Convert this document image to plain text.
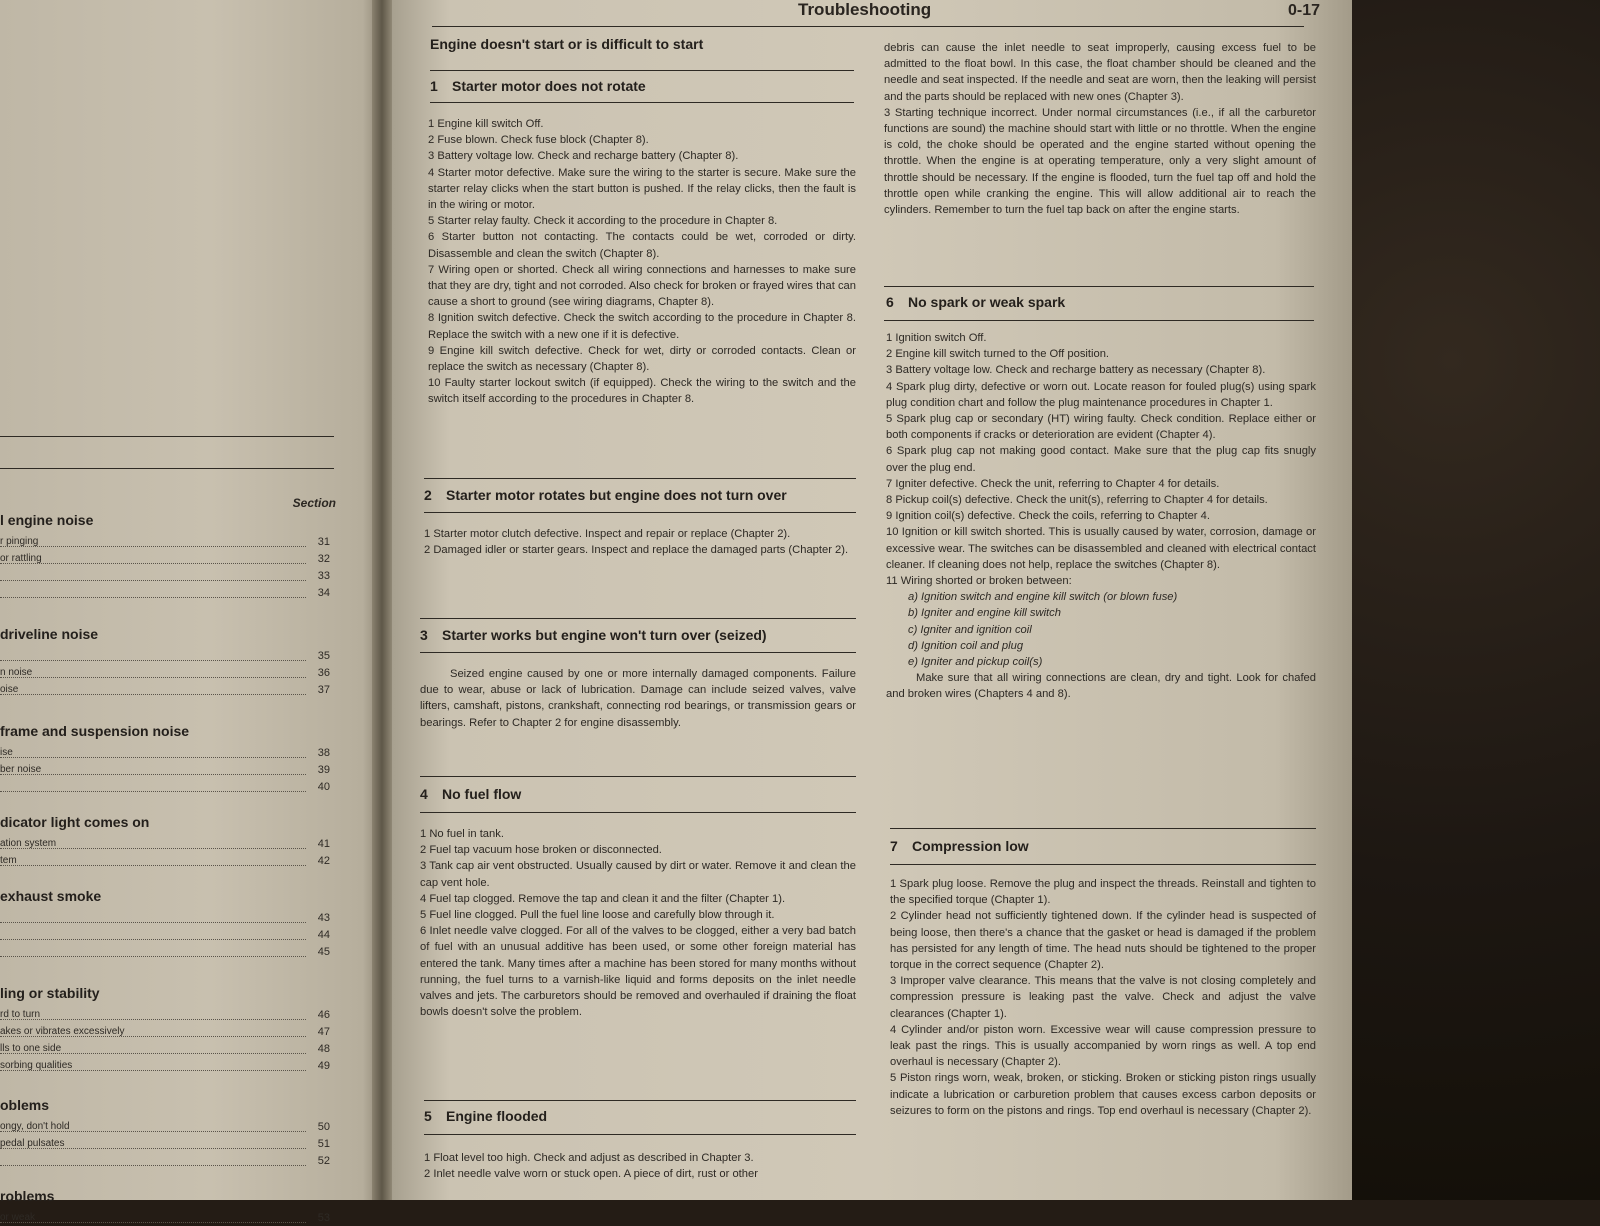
Section
l engine noise
r pinging	31
or rattling	32
33
34
driveline noise
35
n noise	36
oise	37
frame and suspension noise
ise	38
ber noise	39
40
dicator light comes on
ation system	41
tem	42
exhaust smoke
43
44
45
ling or stability
rd to turn	46
akes or vibrates excessively	47
lls to one side	48
sorbing qualities	49
oblems
ongy, don't hold	50
pedal pulsates	51
52
roblems
or weak	53
Troubleshooting	0-17
Engine doesn't start or is difficult to start
1 Starter motor does not rotate

1 Engine kill switch Off.

2 Fuse blown. Check fuse block (Chapter 8).

3 Battery voltage low. Check and recharge battery (Chapter 8).

4 Starter motor defective. Make sure the wiring to the starter is secure. Make sure the starter relay clicks when the start button is pushed. If the relay clicks, then the fault is in the wiring or motor.

5 Starter relay faulty. Check it according to the procedure in Chapter 8.

6 Starter button not contacting. The contacts could be wet, corroded or dirty. Disassemble and clean the switch (Chapter 8).

7 Wiring open or shorted. Check all wiring connections and harnesses to make sure that they are dry, tight and not corroded. Also check for broken or frayed wires that can cause a short to ground (see wiring diagrams, Chapter 8).

8 Ignition switch defective. Check the switch according to the procedure in Chapter 8. Replace the switch with a new one if it is defective.

9 Engine kill switch defective. Check for wet, dirty or corroded contacts. Clean or replace the switch as necessary (Chapter 8).

10 Faulty starter lockout switch (if equipped). Check the wiring to the switch and the switch itself according to the procedures in Chapter 8.

2 Starter motor rotates but engine does not turn over

1 Starter motor clutch defective. Inspect and repair or replace (Chapter 2).

2 Damaged idler or starter gears. Inspect and replace the damaged parts (Chapter 2).

3 Starter works but engine won't turn over (seized)

Seized engine caused by one or more internally damaged components. Failure due to wear, abuse or lack of lubrication. Damage can include seized valves, valve lifters, camshaft, pistons, crankshaft, connecting rod bearings, or transmission gears or bearings. Refer to Chapter 2 for engine disassembly.

4 No fuel flow

1 No fuel in tank.

2 Fuel tap vacuum hose broken or disconnected.

3 Tank cap air vent obstructed. Usually caused by dirt or water. Remove it and clean the cap vent hole.

4 Fuel tap clogged. Remove the tap and clean it and the filter (Chapter 1).

5 Fuel line clogged. Pull the fuel line loose and carefully blow through it.

6 Inlet needle valve clogged. For all of the valves to be clogged, either a very bad batch of fuel with an unusual additive has been used, or some other foreign material has entered the tank. Many times after a machine has been stored for many months without running, the fuel turns to a varnish-like liquid and forms deposits on the inlet needle valves and jets. The carburetors should be removed and overhauled if draining the float bowls doesn't solve the problem.

5 Engine flooded

1 Float level too high. Check and adjust as described in Chapter 3.

2 Inlet needle valve worn or stuck open. A piece of dirt, rust or other

debris can cause the inlet needle to seat improperly, causing excess fuel to be admitted to the float bowl. In this case, the float chamber should be cleaned and the needle and seat inspected. If the needle and seat are worn, then the leaking will persist and the parts should be replaced with new ones (Chapter 3).

3 Starting technique incorrect. Under normal circumstances (i.e., if all the carburetor functions are sound) the machine should start with little or no throttle. When the engine is cold, the choke should be operated and the engine started without opening the throttle. When the engine is at operating temperature, only a very slight amount of throttle should be necessary. If the engine is flooded, turn the fuel tap off and hold the throttle open while cranking the engine. This will allow additional air to reach the cylinders. Remember to turn the fuel tap back on after the engine starts.

6 No spark or weak spark

1 Ignition switch Off.

2 Engine kill switch turned to the Off position.

3 Battery voltage low. Check and recharge battery as necessary (Chapter 8).

4 Spark plug dirty, defective or worn out. Locate reason for fouled plug(s) using spark plug condition chart and follow the plug maintenance procedures in Chapter 1.

5 Spark plug cap or secondary (HT) wiring faulty. Check condition. Replace either or both components if cracks or deterioration are evident (Chapter 4).

6 Spark plug cap not making good contact. Make sure that the plug cap fits snugly over the plug end.

7 Igniter defective. Check the unit, referring to Chapter 4 for details.

8 Pickup coil(s) defective. Check the unit(s), referring to Chapter 4 for details.

9 Ignition coil(s) defective. Check the coils, referring to Chapter 4.

10 Ignition or kill switch shorted. This is usually caused by water, corrosion, damage or excessive wear. The switches can be disassembled and cleaned with electrical contact cleaner. If cleaning does not help, replace the switches (Chapter 8).

11 Wiring shorted or broken between:

a) Ignition switch and engine kill switch (or blown fuse)

b) Igniter and engine kill switch

c) Igniter and ignition coil

d) Ignition coil and plug

e) Igniter and pickup coil(s)

Make sure that all wiring connections are clean, dry and tight. Look for chafed and broken wires (Chapters 4 and 8).

7 Compression low

1 Spark plug loose. Remove the plug and inspect the threads. Reinstall and tighten to the specified torque (Chapter 1).

2 Cylinder head not sufficiently tightened down. If the cylinder head is suspected of being loose, then there's a chance that the gasket or head is damaged if the problem has persisted for any length of time. The head nuts should be tightened to the proper torque in the correct sequence (Chapter 2).

3 Improper valve clearance. This means that the valve is not closing completely and compression pressure is leaking past the valve. Check and adjust the valve clearances (Chapter 1).

4 Cylinder and/or piston worn. Excessive wear will cause compression pressure to leak past the rings. This is usually accompanied by worn rings as well. A top end overhaul is necessary (Chapter 2).

5 Piston rings worn, weak, broken, or sticking. Broken or sticking piston rings usually indicate a lubrication or carburetion problem that causes excess carbon deposits or seizures to form on the pistons and rings. Top end overhaul is necessary (Chapter 2).
